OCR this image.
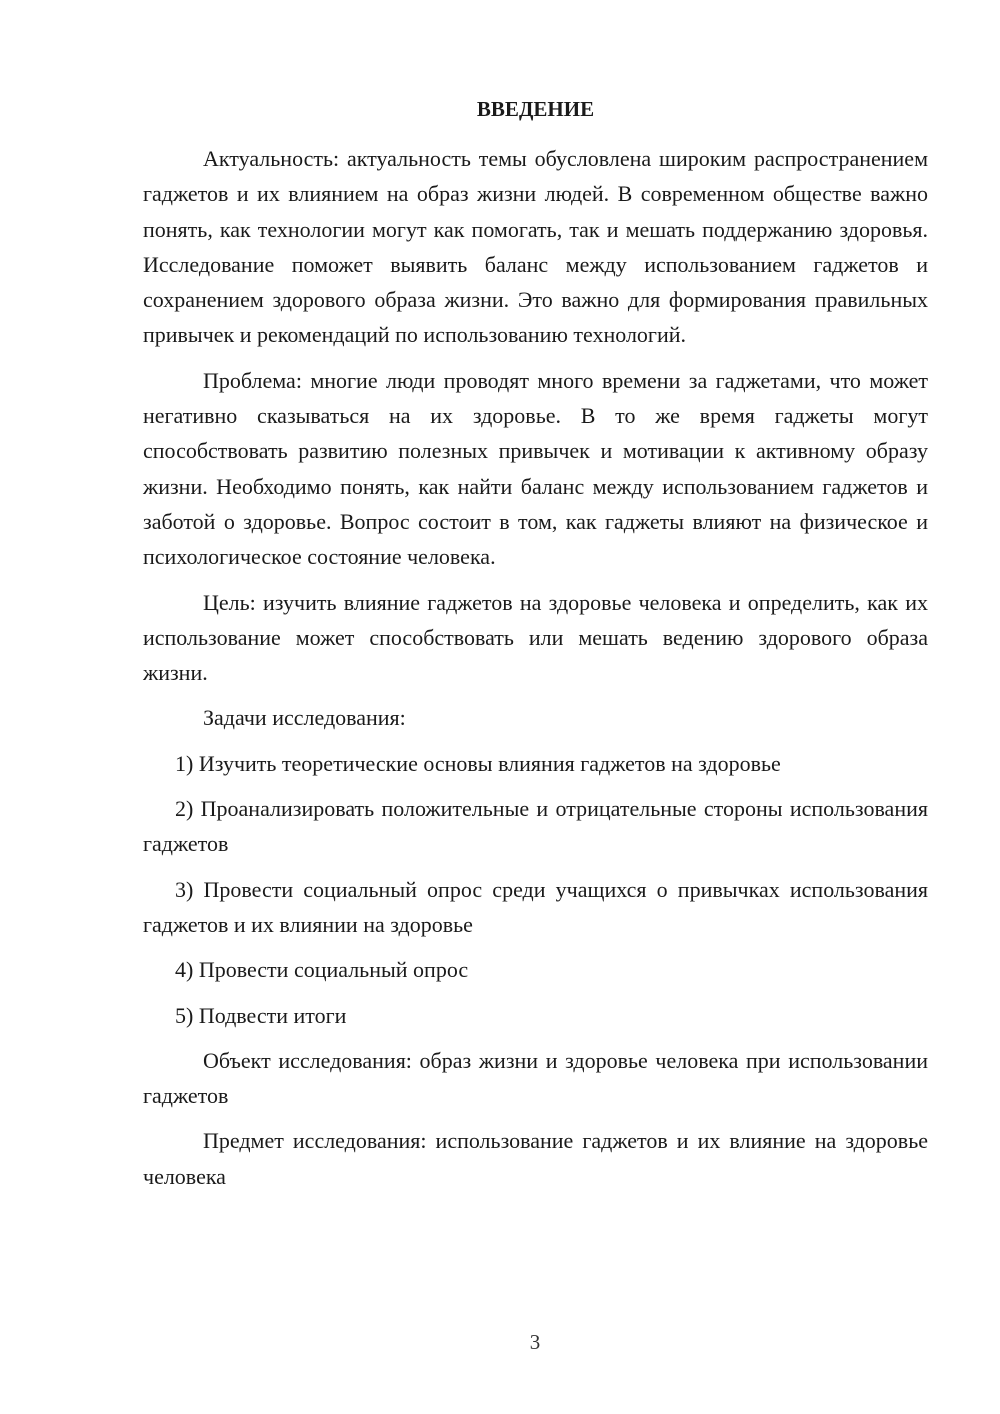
ВВЕДЕНИЕ

Актуальность: актуальность темы обусловлена широким распространением гаджетов и их влиянием на образ жизни людей. В современном обществе важно понять, как технологии могут как помогать, так и мешать поддержанию здоровья. Исследование поможет выявить баланс между использованием гаджетов и сохранением здорового образа жизни. Это важно для формирования правильных привычек и рекомендаций по использованию технологий.

Проблема: многие люди проводят много времени за гаджетами, что может негативно сказываться на их здоровье. В то же время гаджеты могут способствовать развитию полезных привычек и мотивации к активному образу жизни. Необходимо понять, как найти баланс между использованием гаджетов и заботой о здоровье. Вопрос состоит в том, как гаджеты влияют на физическое и психологическое состояние человека.

Цель: изучить влияние гаджетов на здоровье человека и определить, как их использование может способствовать или мешать ведению здорового образа жизни.

Задачи исследования:

1) Изучить теоретические основы влияния гаджетов на здоровье

2) Проанализировать положительные и отрицательные стороны использования гаджетов

3) Провести социальный опрос среди учащихся о привычках использования гаджетов и их влиянии на здоровье

4) Провести социальный опрос

5) Подвести итоги

Объект исследования: образ жизни и здоровье человека при использовании гаджетов

Предмет исследования: использование гаджетов и их влияние на здоровье человека

3
